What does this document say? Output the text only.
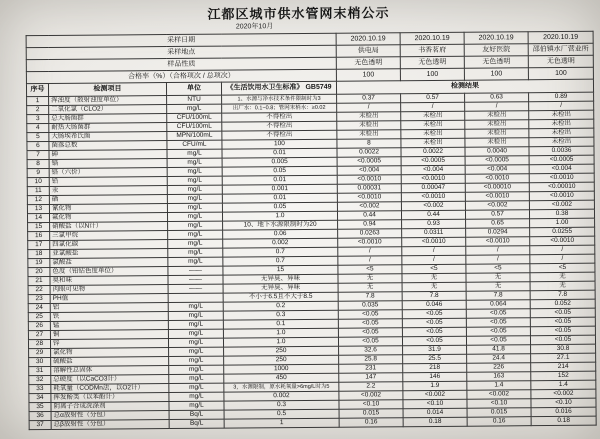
江都区城市供水管网末梢公示
2020年10月
采样日期				2020.10.19	2020.10.19	2020.10.19	2020.10.19
采样地点				供电局	书香茗府	友好医院	邵伯镇水厂营业所
样品性质				无色透明	无色透明	无色透明	无色透明
合格率（%）（合格项次 / 总项次）				100	100	100	100
序号	检测项目	单位	《生活饮用水卫生标准》 GB5749	检测结果			
1	浑浊度（散射浊度单位）	NTU	1、水源与净水技术条件限制时为3	0.37	0.57	0.63	0.89
2	二氧化氯（CLO2）	mg/L	出厂水：0.1~0.8；管网末梢水：≥0.02	/	/	/	/
3	总大肠菌群	CFU/100mL	不得检出	未检出	未检出	未检出	未检出
4	耐热大肠菌群	CFU/100mL	不得检出	未检出	未检出	未检出	未检出
5	大肠埃希氏菌	MPN/100mL	不得检出	未检出	未检出	未检出	未检出
6	菌落总数	CFU/mL	100	8	未检出	未检出	未检出
7	砷	mg/L	0.01	0.0022	0.0022	0.0040	0.0036
8	镉	mg/L	0.005	<0.0005	<0.0005	<0.0005	<0.0005
9	铬（六价）	mg/L	0.05	<0.004	<0.004	<0.004	<0.004
10	铅	mg/L	0.01	<0.0010	<0.0010	<0.0010	<0.0010
11	汞	mg/L	0.001	0.00031	0.00047	<0.00010	<0.00010
12	硒	mg/L	0.01	<0.0010	<0.0010	<0.0010	<0.0010
13	氰化物	mg/L	0.05	<0.002	<0.002	<0.002	<0.002
14	氟化物	mg/L	1.0	0.44	0.44	0.57	0.38
15	硝酸盐（以N计）	mg/L	10、地下水源限制时为20	0.94	0.93	0.65	1.00
16	三氯甲烷	mg/L	0.06	0.0263	0.0311	0.0294	0.0255
17	四氯化碳	mg/L	0.002	<0.0010	<0.0010	<0.0010	<0.0010
18	亚氯酸盐	mg/L	0.7	/	/	/	/
19	氯酸盐	mg/L	0.7	/	/	/	/
20	色度（铂钴色度单位）	——	15	<5	<5	<5	<5
21	臭和味	——	无异臭、异味	无	无	无	无
22	肉眼可见物	——	无异臭、异味	无	无	无	无
23	PH值		不小于6.5且不大于8.5	7.8	7.8	7.8	7.8
24	铝	mg/L	0.2	0.035	0.046	0.064	0.052
25	铁	mg/L	0.3	<0.05	<0.05	<0.05	<0.05
26	锰	mg/L	0.1	<0.05	<0.05	<0.05	<0.05
27	铜	mg/L	1.0	<0.05	<0.05	<0.05	<0.05
28	锌	mg/L	1.0	<0.05	<0.05	<0.05	<0.05
29	氯化物	mg/L	250	32.6	31.9	41.8	30.8
30	硫酸盐	mg/L	250	25.8	25.5	24.4	27.1
31	溶解性总固体	mg/L	1000	231	218	226	214
32	总硬度（以CaCO3计）	mg/L	450	147	146	163	152
33	耗氧量（CODMn法，以O2计）	mg/L	3，水源限制，原水耗氧量>6mg/L时为5	2.2	1.9	1.4	1.4
34	挥发酚类（以苯酚计）	mg/L	0.002	<0.002	<0.002	<0.002	<0.002
35	阴离子合成洗涤剂	mg/L	0.3	<0.10	<0.10	<0.10	<0.10
36	总α放射性（分包）	Bq/L	0.5	0.015	0.014	0.015	0.016
37	总β放射性（分包）	Bq/L	1	0.16	0.18	0.16	0.18
